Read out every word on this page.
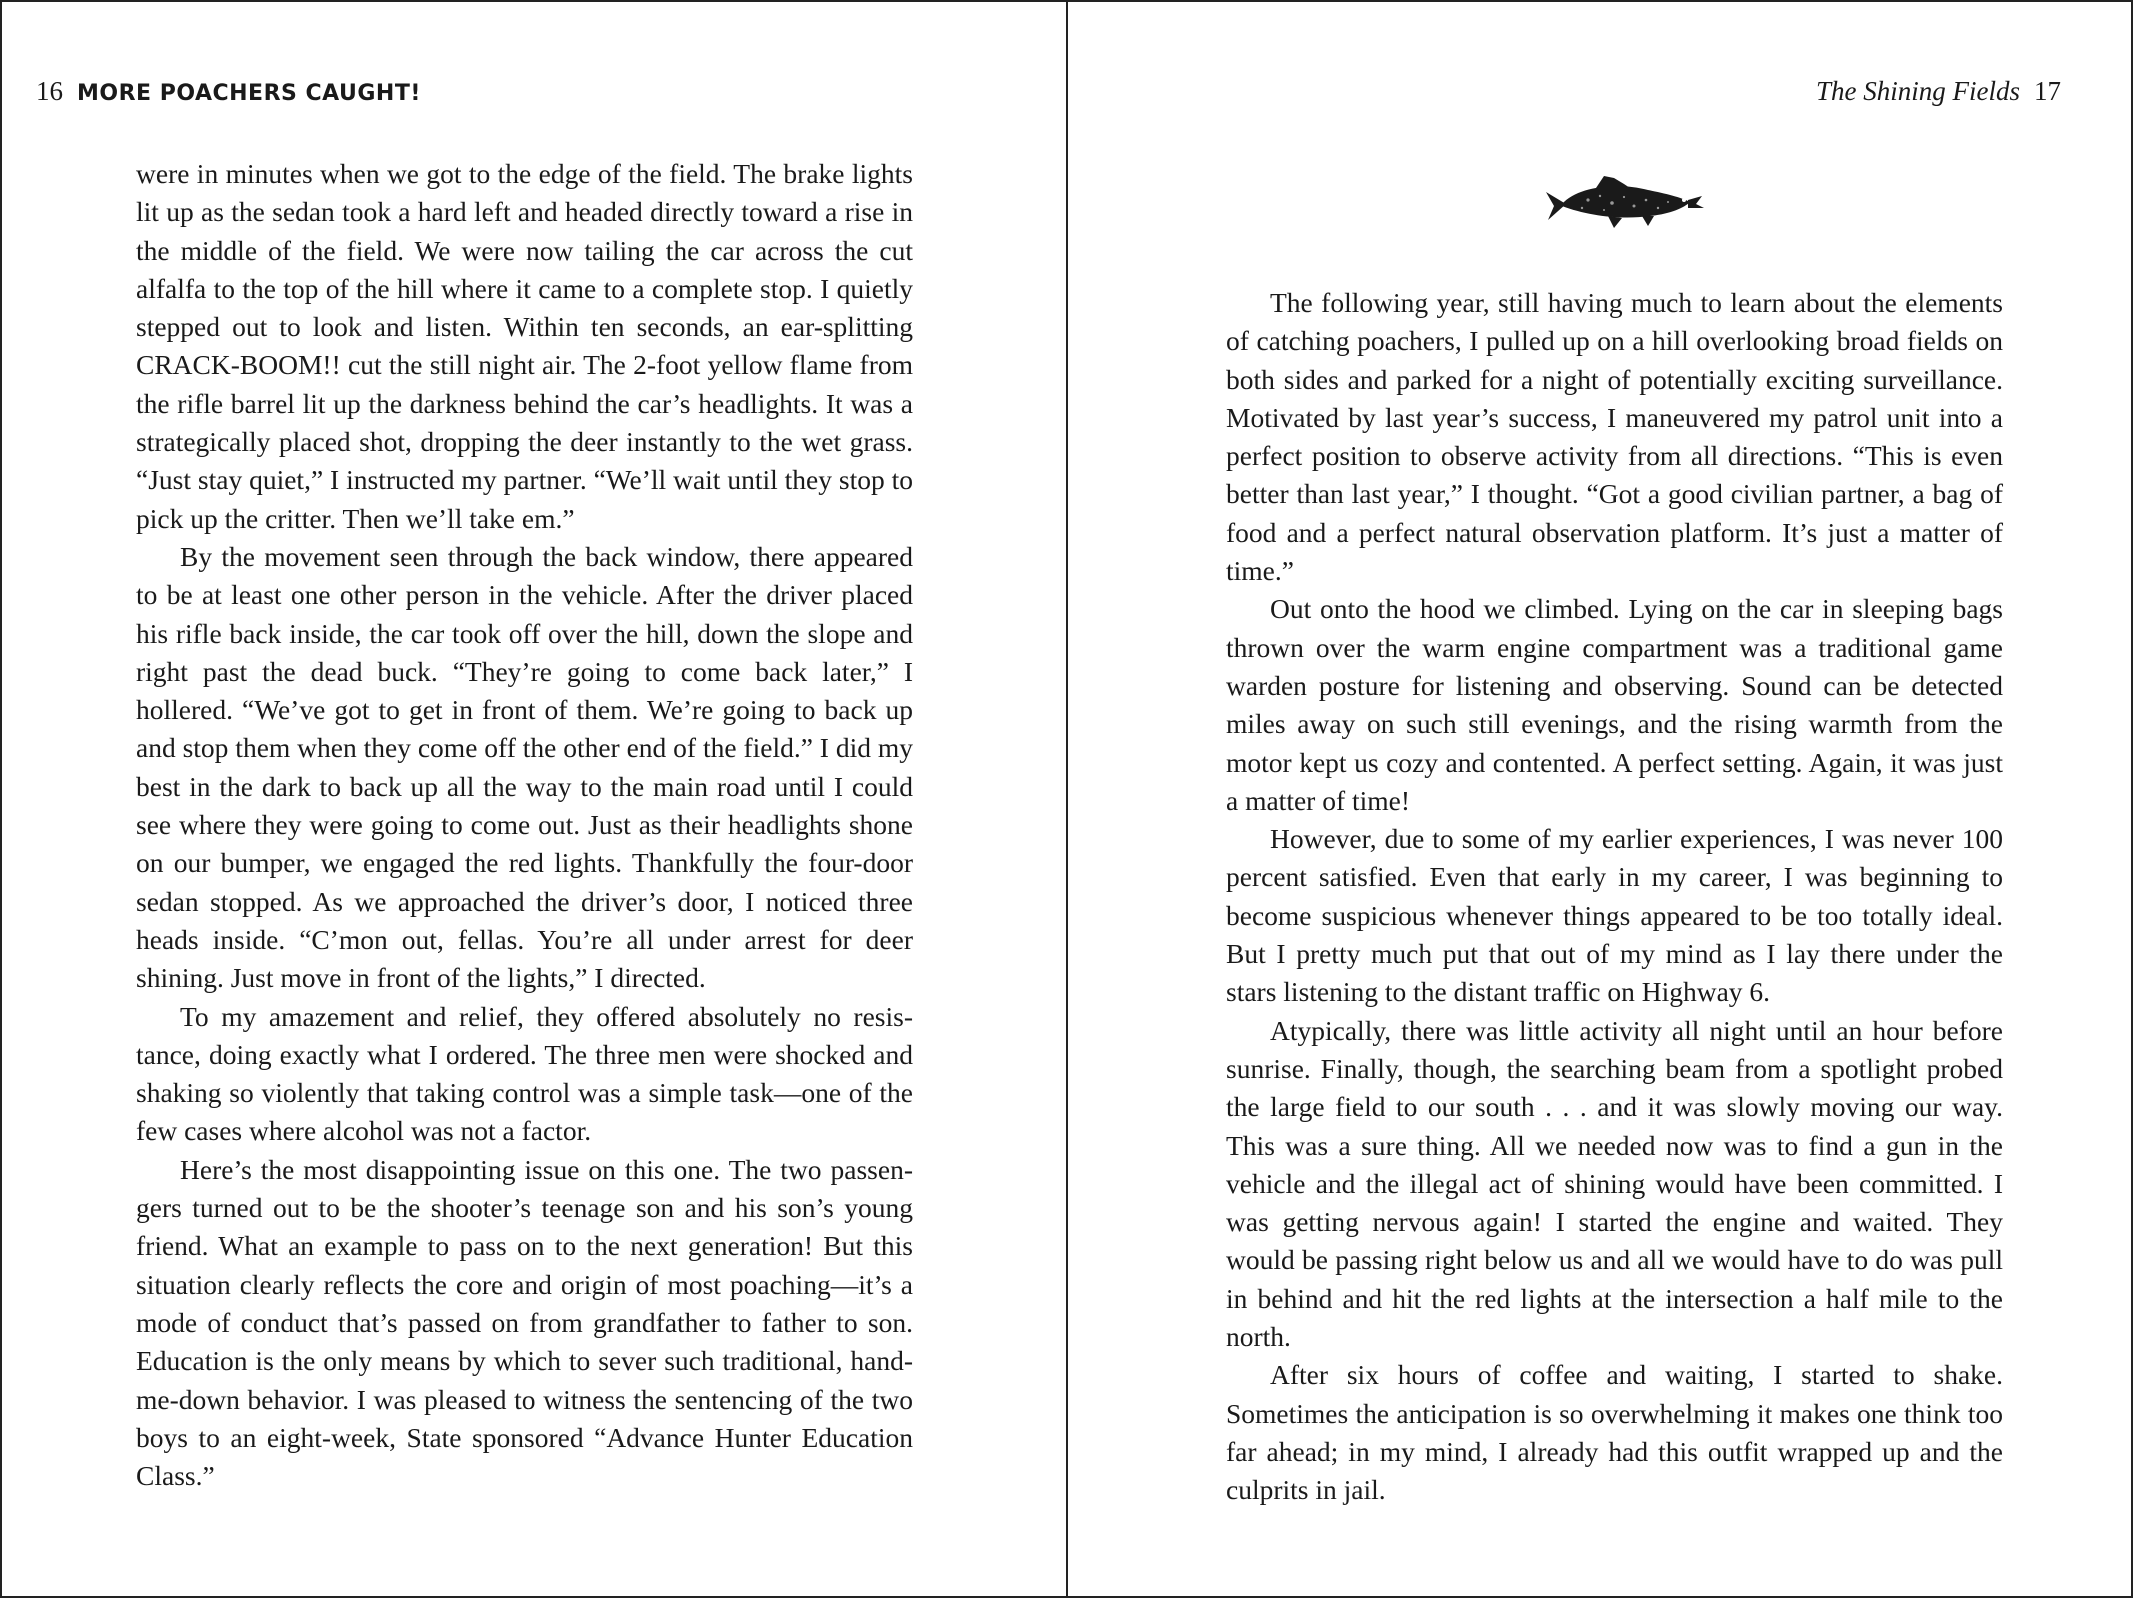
16 MORE POACHERS CAUGHT!

were in minutes when we got to the edge of the field. The brake lights lit up as the sedan took a hard left and headed directly toward a rise in the middle of the field. We were now tailing the car across the cut alfalfa to the top of the hill where it came to a complete stop. I quietly stepped out to look and listen. Within ten seconds, an ear-splitting CRACK-BOOM!! cut the still night air. The 2-foot yellow flame from the rifle barrel lit up the darkness behind the car’s headlights. It was a strategically placed shot, dropping the deer instantly to the wet grass. “Just stay quiet,” I instructed my partner. “We’ll wait until they stop to pick up the critter. Then we’ll take em.”

By the movement seen through the back window, there appeared to be at least one other person in the vehicle. After the driver placed his rifle back inside, the car took off over the hill, down the slope and right past the dead buck. “They’re going to come back later,” I hollered. “We’ve got to get in front of them. We’re going to back up and stop them when they come off the other end of the field.” I did my best in the dark to back up all the way to the main road until I could see where they were going to come out. Just as their headlights shone on our bumper, we engaged the red lights. Thankfully the four-door sedan stopped. As we approached the driver’s door, I noticed three heads inside. “C’mon out, fellas. You’re all under arrest for deer shining. Just move in front of the lights,” I directed.

To my amazement and relief, they offered absolutely no resistance, doing exactly what I ordered. The three men were shocked and shaking so violently that taking control was a simple task—one of the few cases where alcohol was not a factor.

Here’s the most disappointing issue on this one. The two passengers turned out to be the shooter’s teenage son and his son’s young friend. What an example to pass on to the next generation! But this situation clearly reflects the core and origin of most poaching—it’s a mode of conduct that’s passed on from grandfather to father to son. Education is the only means by which to sever such traditional, hand-me-down behavior. I was pleased to witness the sentencing of the two boys to an eight-week, State sponsored “Advance Hunter Education Class.”

The Shining Fields 17

The following year, still having much to learn about the elements of catching poachers, I pulled up on a hill overlooking broad fields on both sides and parked for a night of potentially exciting surveillance. Motivated by last year’s success, I maneuvered my patrol unit into a perfect position to observe activity from all directions. “This is even better than last year,” I thought. “Got a good civilian partner, a bag of food and a perfect natural observation platform. It’s just a matter of time.”

Out onto the hood we climbed. Lying on the car in sleeping bags thrown over the warm engine compartment was a traditional game warden posture for listening and observing. Sound can be detected miles away on such still evenings, and the rising warmth from the motor kept us cozy and contented. A perfect setting. Again, it was just a matter of time!

However, due to some of my earlier experiences, I was never 100 percent satisfied. Even that early in my career, I was beginning to become suspicious whenever things appeared to be too totally ideal. But I pretty much put that out of my mind as I lay there under the stars listening to the distant traffic on Highway 6.

Atypically, there was little activity all night until an hour before sunrise. Finally, though, the searching beam from a spotlight probed the large field to our south . . . and it was slowly moving our way. This was a sure thing. All we needed now was to find a gun in the vehicle and the illegal act of shining would have been committed. I was getting nervous again! I started the engine and waited. They would be passing right below us and all we would have to do was pull in behind and hit the red lights at the intersection a half mile to the north.

After six hours of coffee and waiting, I started to shake. Sometimes the anticipation is so overwhelming it makes one think too far ahead; in my mind, I already had this outfit wrapped up and the culprits in jail.
